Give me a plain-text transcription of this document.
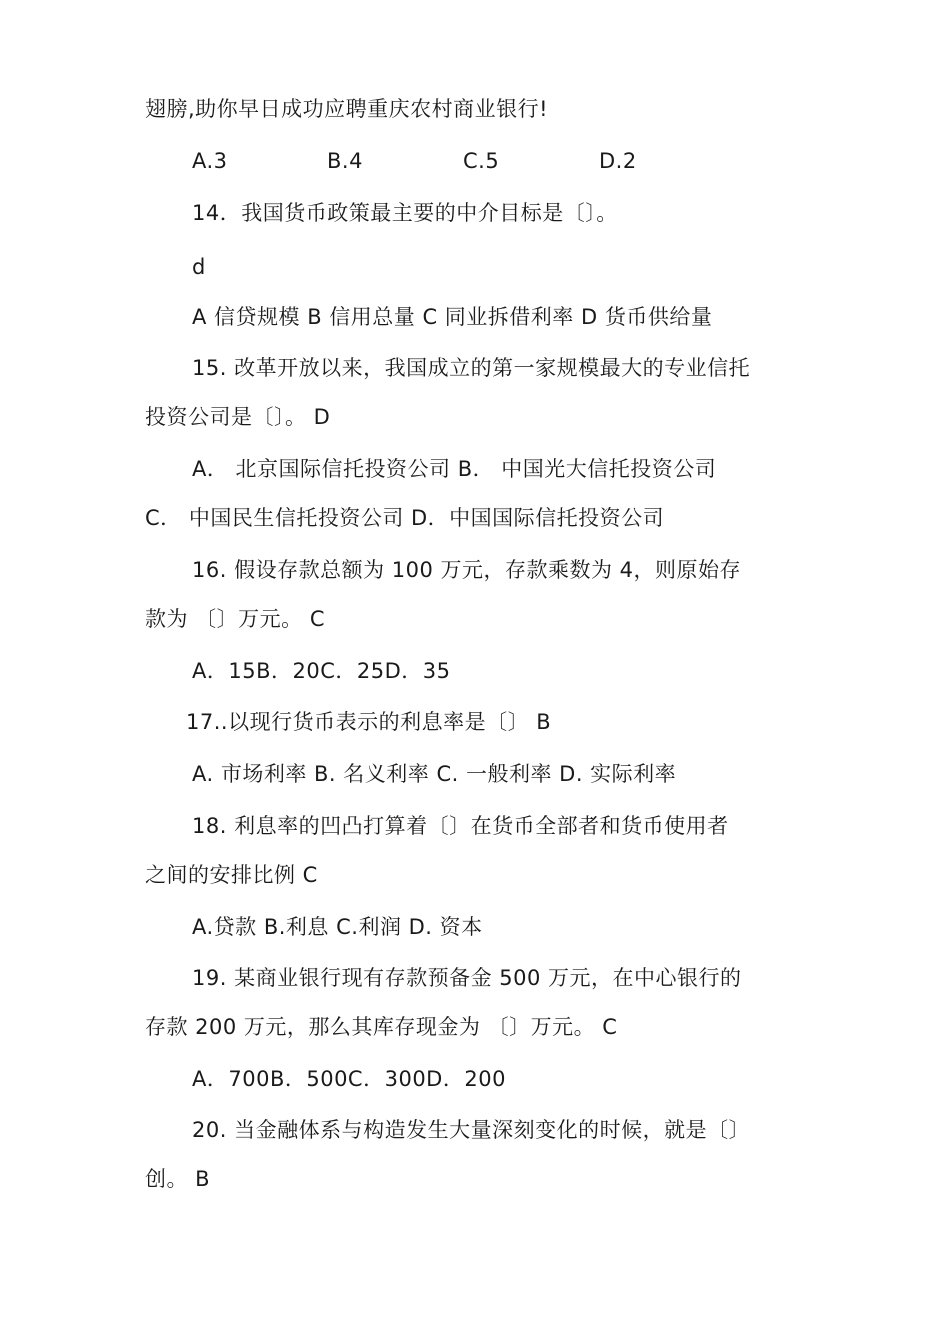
翅膀,助你早日成功应聘重庆农村商业银行!
A.3	B.4	C.5	D.2
14．我国货币政策最主要的中介目标是〔〕。
d
A 信贷规模 B 信用总量 C 同业拆借利率 D 货币供给量
15. 改革开放以来，我国成立的第一家规模最大的专业信托
投资公司是〔〕。 D
A． 北京国际信托投资公司 B． 中国光大信托投资公司
C． 中国民生信托投资公司 D．中国国际信托投资公司
16. 假设存款总额为 100 万元，存款乘数为 4，则原始存
款为 〔〕万元。 C
A．15B．20C．25D．35
17..以现行货币表示的利息率是〔〕 B
A. 市场利率 B. 名义利率 C. 一般利率 D. 实际利率
18. 利息率的凹凸打算着〔〕在货币全部者和货币使用者
之间的安排比例 C
A.贷款 B.利息 C.利润 D. 资本
19. 某商业银行现有存款预备金 500 万元，在中心银行的
存款 200 万元，那么其库存现金为 〔〕万元。 C
A．700B．500C．300D．200
20. 当金融体系与构造发生大量深刻变化的时候，就是〔〕
创。 B
